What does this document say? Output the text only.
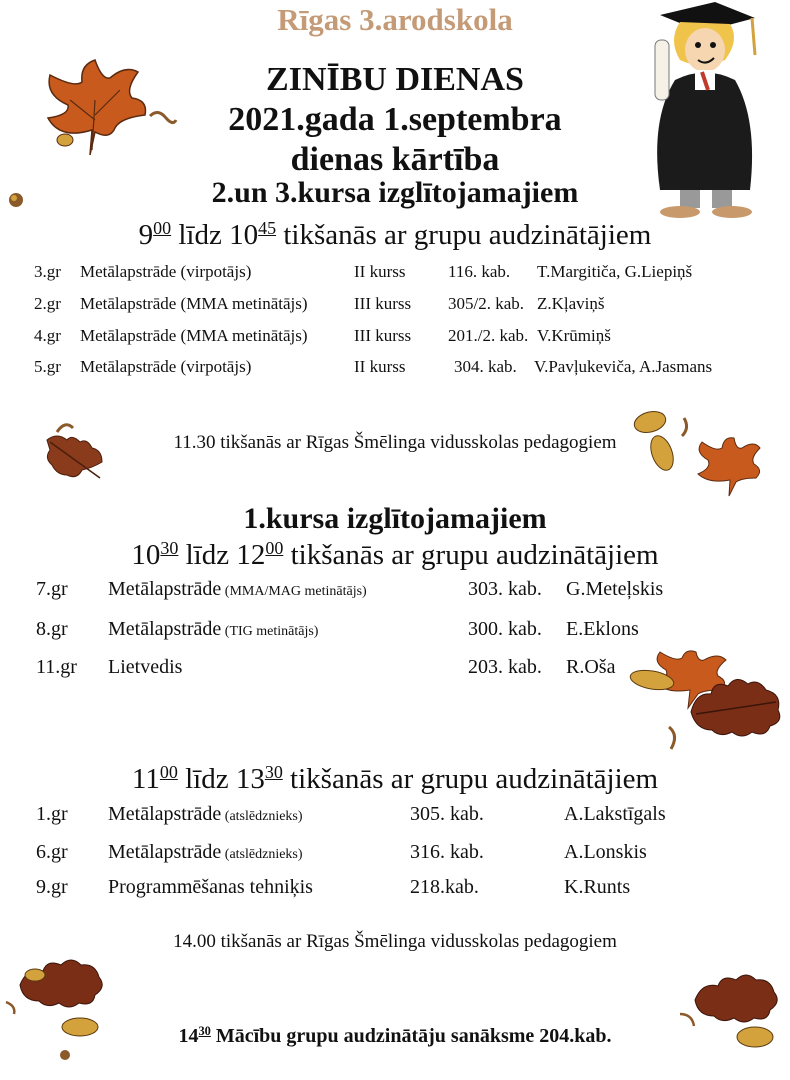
Rīgas 3.arodskola
ZINĪBU DIENAS
2021.gada 1.septembra
dienas kārtība
2.un 3.kursa izglītojamajiem
$9^{00}$ līdz $10^{45}$ tikšanās ar grupu audzinātājiem
3.gr Metālapstrāde (virpotājs)	II kurss	116. kab. T.Margitiča, G.Liepiņš
2.gr Metālapstrāde (MMA metinātājs)	III kurss 305/2. kab. Z.Kļaviņš
4.gr Metālapstrāde (MMA metinātājs)	III kurss 201./2. kab. V.Krūmiņš
5.gr Metālapstrāde (virpotājs)	II kurss	304. kab. V.Pavļukeviča, A.Jasmans
11.30 tikšanās ar Rīgas Šmēlinga vidusskolas pedagogiem
1.kursa izglītojamajiem
$10^{30}$ līdz $12^{00}$ tikšanās ar grupu audzinātājiem
7.gr Metālapstrāde (MMA/MAG metinātājs)	303. kab. G.Meteļskis
8.gr Metālapstrāde (TIG metinātājs)	300. kab. E.Eklons
11.gr Lietvedis	203. kab. R.Oša
$11^{00}$ līdz $13^{30}$ tikšanās ar grupu audzinātājiem
1.gr Metālapstrāde (atslēdznieks)	305. kab.	A.Lakstīgals
6.gr Metālapstrāde (atslēdznieks)	316. kab.	A.Lonskis
9.gr Programmēšanas tehniķis	218.kab.	K.Runts
14.00 tikšanās ar Rīgas Šmēlinga vidusskolas pedagogiem
$14^{30}$ Mācību grupu audzinātāju sanāksme 204.kab.
